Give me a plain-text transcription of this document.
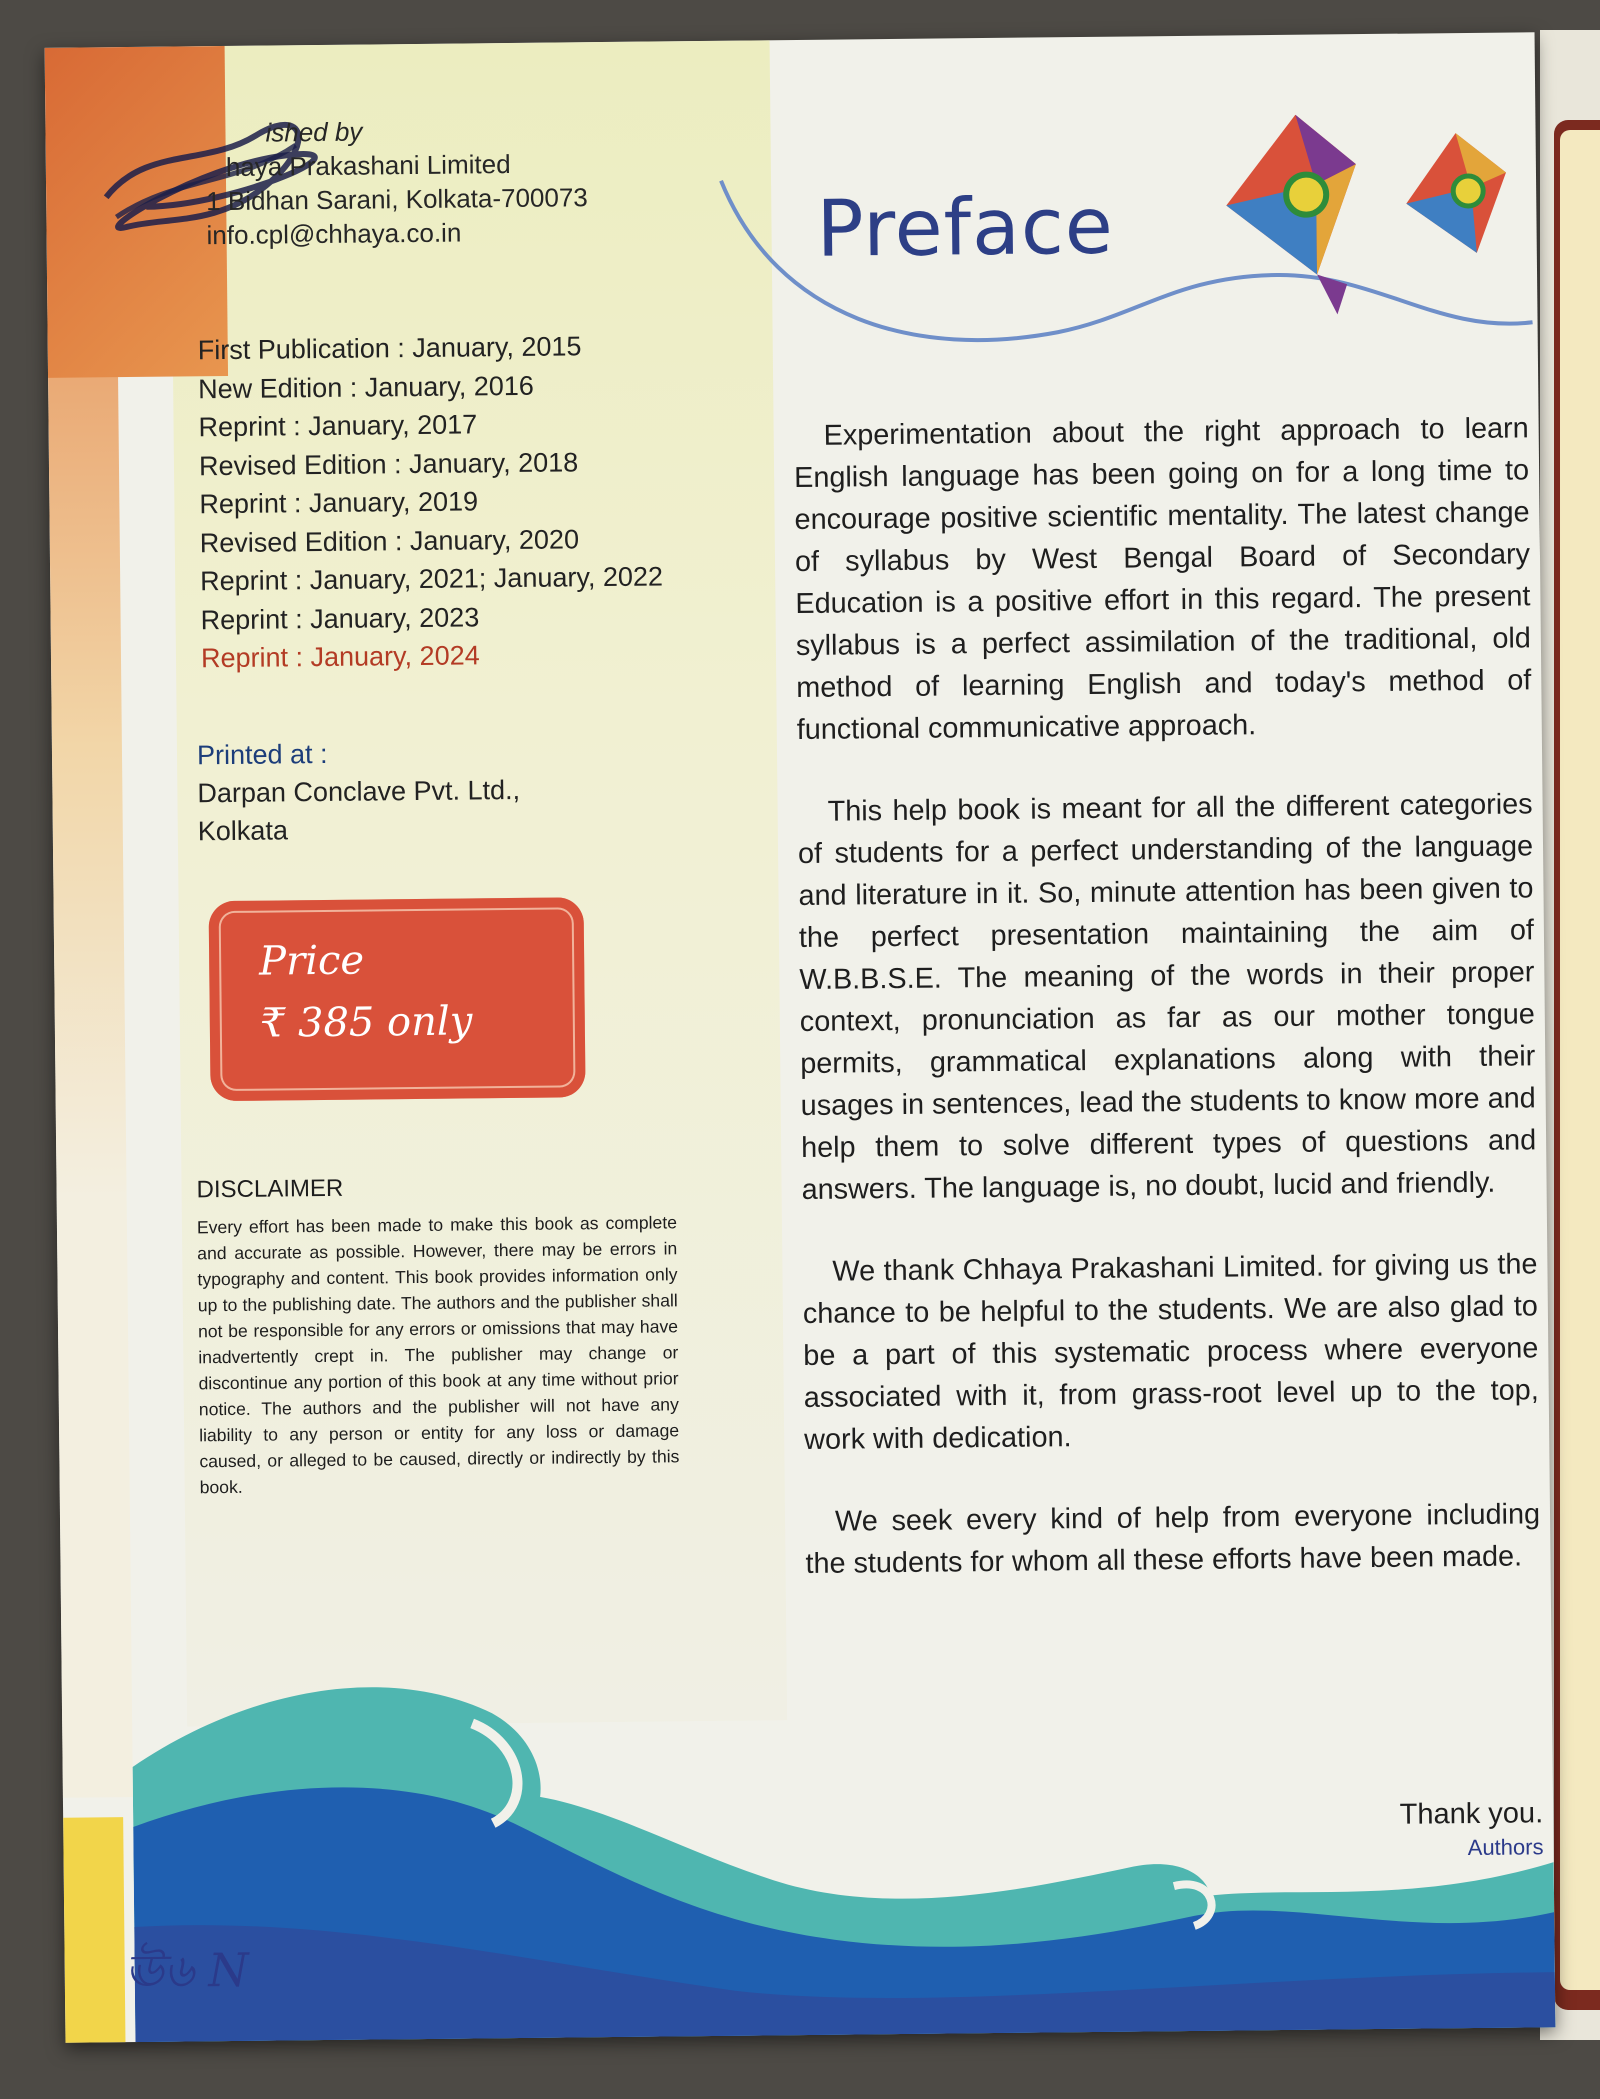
ished by
haya Prakashani Limited
1 Bidhan Sarani, Kolkata-700073
info.cpl@chhaya.co.in
First Publication : January, 2015
New Edition : January, 2016
Reprint : January, 2017
Revised Edition : January, 2018
Reprint : January, 2019
Revised Edition : January, 2020
Reprint : January, 2021; January, 2022
Reprint : January, 2023
Reprint : January, 2024
Printed at :
Darpan Conclave Pvt. Ltd.,
Kolkata
Price
₹ 385 only
DISCLAIMER
Every effort has been made to make this book as complete and accurate as possible. However, there may be errors in typography and content. This book provides information only up to the publishing date. The authors and the publisher shall not be responsible for any errors or omissions that may have inadvertently crept in. The publisher may change or discontinue any portion of this book at any time without prior notice. The authors and the publisher will not have any liability to any person or entity for any loss or damage caused, or alleged to be caused, directly or indirectly by this book.
Preface

Experimentation about the right approach to learn English language has been going on for a long time to encourage positive scientific mentality. The latest change of syllabus by West Bengal Board of Secondary Education is a positive effort in this regard. The present syllabus is a perfect assimilation of the traditional, old method of learning English and today's method of functional communicative approach.

This help book is meant for all the different categories of students for a perfect understanding of the language and literature in it. So, minute attention has been given to the perfect presentation maintaining the aim of W.B.B.S.E. The meaning of the words in their proper context, pronunciation as far as our mother tongue permits, grammatical explanations along with their usages in sentences, lead the students to know more and help them to solve different types of questions and answers. The language is, no doubt, lucid and friendly.

We thank Chhaya Prakashani Limited. for giving us the chance to be helpful to the students. We are also glad to be a part of this systematic process where everyone associated with it, from grass-root level up to the top, work with dedication.

We seek every kind of help from everyone including the students for whom all these efforts have been made.

Thank you.
Authors
ঊ৬ N
